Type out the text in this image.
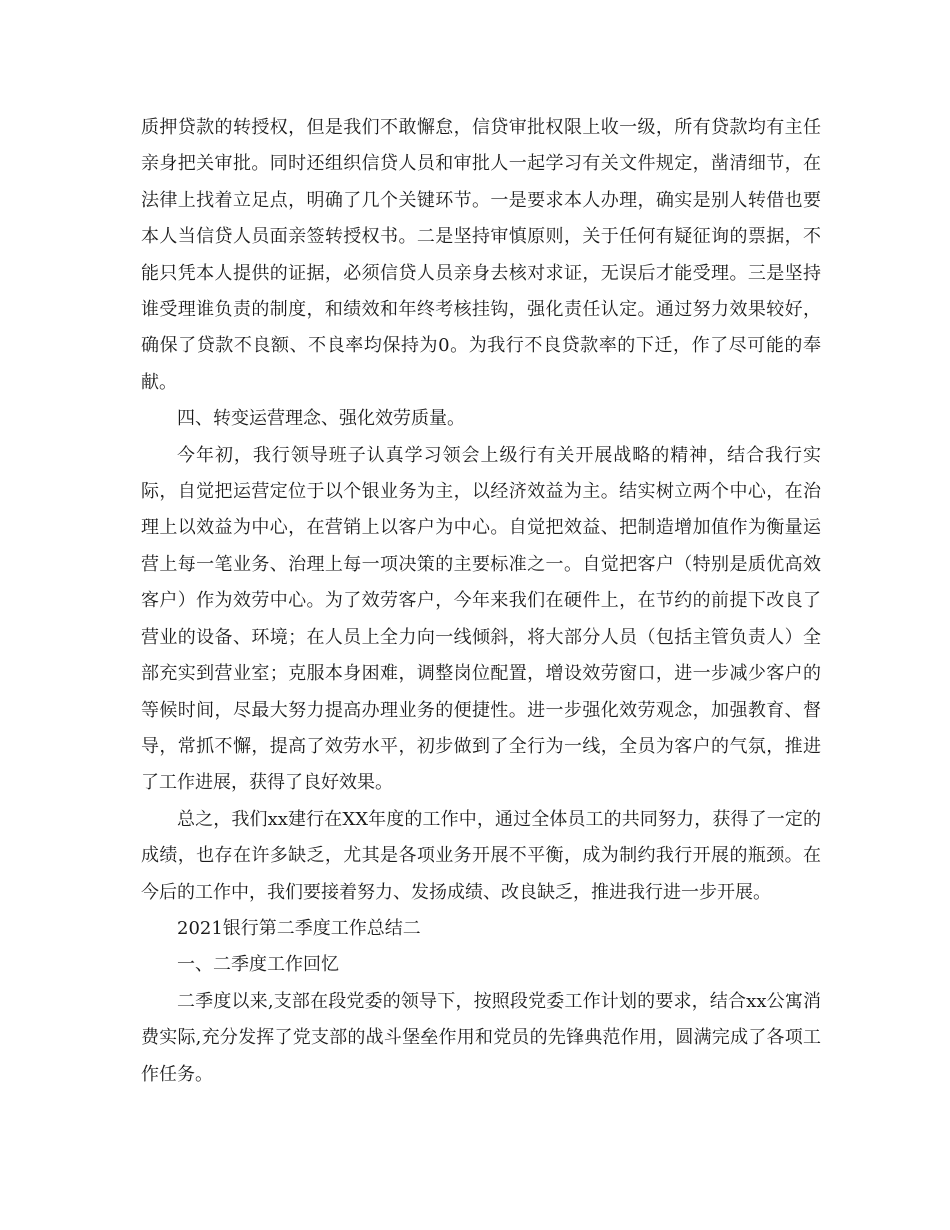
质押贷款的转授权，但是我们不敢懈怠，信贷审批权限上收一级，所有贷款均有主任亲身把关审批。同时还组织信贷人员和审批人一起学习有关文件规定，凿清细节，在法律上找着立足点，明确了几个关键环节。一是要求本人办理，确实是别人转借也要本人当信贷人员面亲签转授权书。二是坚持审慎原则，关于任何有疑征询的票据，不能只凭本人提供的证据，必须信贷人员亲身去核对求证，无误后才能受理。三是坚持谁受理谁负责的制度，和绩效和年终考核挂钩，强化责任认定。通过努力效果较好，确保了贷款不良额、不良率均保持为0。为我行不良贷款率的下迁，作了尽可能的奉献。

四、转变运营理念、强化效劳质量。

今年初，我行领导班子认真学习领会上级行有关开展战略的精神，结合我行实际，自觉把运营定位于以个银业务为主，以经济效益为主。结实树立两个中心，在治理上以效益为中心，在营销上以客户为中心。自觉把效益、把制造增加值作为衡量运营上每一笔业务、治理上每一项决策的主要标准之一。自觉把客户（特别是质优高效客户）作为效劳中心。为了效劳客户，今年来我们在硬件上，在节约的前提下改良了营业的设备、环境；在人员上全力向一线倾斜，将大部分人员（包括主管负责人）全部充实到营业室；克服本身困难，调整岗位配置，增设效劳窗口，进一步减少客户的等候时间，尽最大努力提高办理业务的便捷性。进一步强化效劳观念，加强教育、督导，常抓不懈，提高了效劳水平，初步做到了全行为一线，全员为客户的气氛，推进了工作进展，获得了良好效果。

总之，我们xx建行在XX年度的工作中，通过全体员工的共同努力，获得了一定的成绩，也存在许多缺乏，尤其是各项业务开展不平衡，成为制约我行开展的瓶颈。在今后的工作中，我们要接着努力、发扬成绩、改良缺乏，推进我行进一步开展。

2021银行第二季度工作总结二

一、二季度工作回忆

二季度以来,支部在段党委的领导下，按照段党委工作计划的要求，结合xx公寓消费实际,充分发挥了党支部的战斗堡垒作用和党员的先锋典范作用，圆满完成了各项工作任务。
